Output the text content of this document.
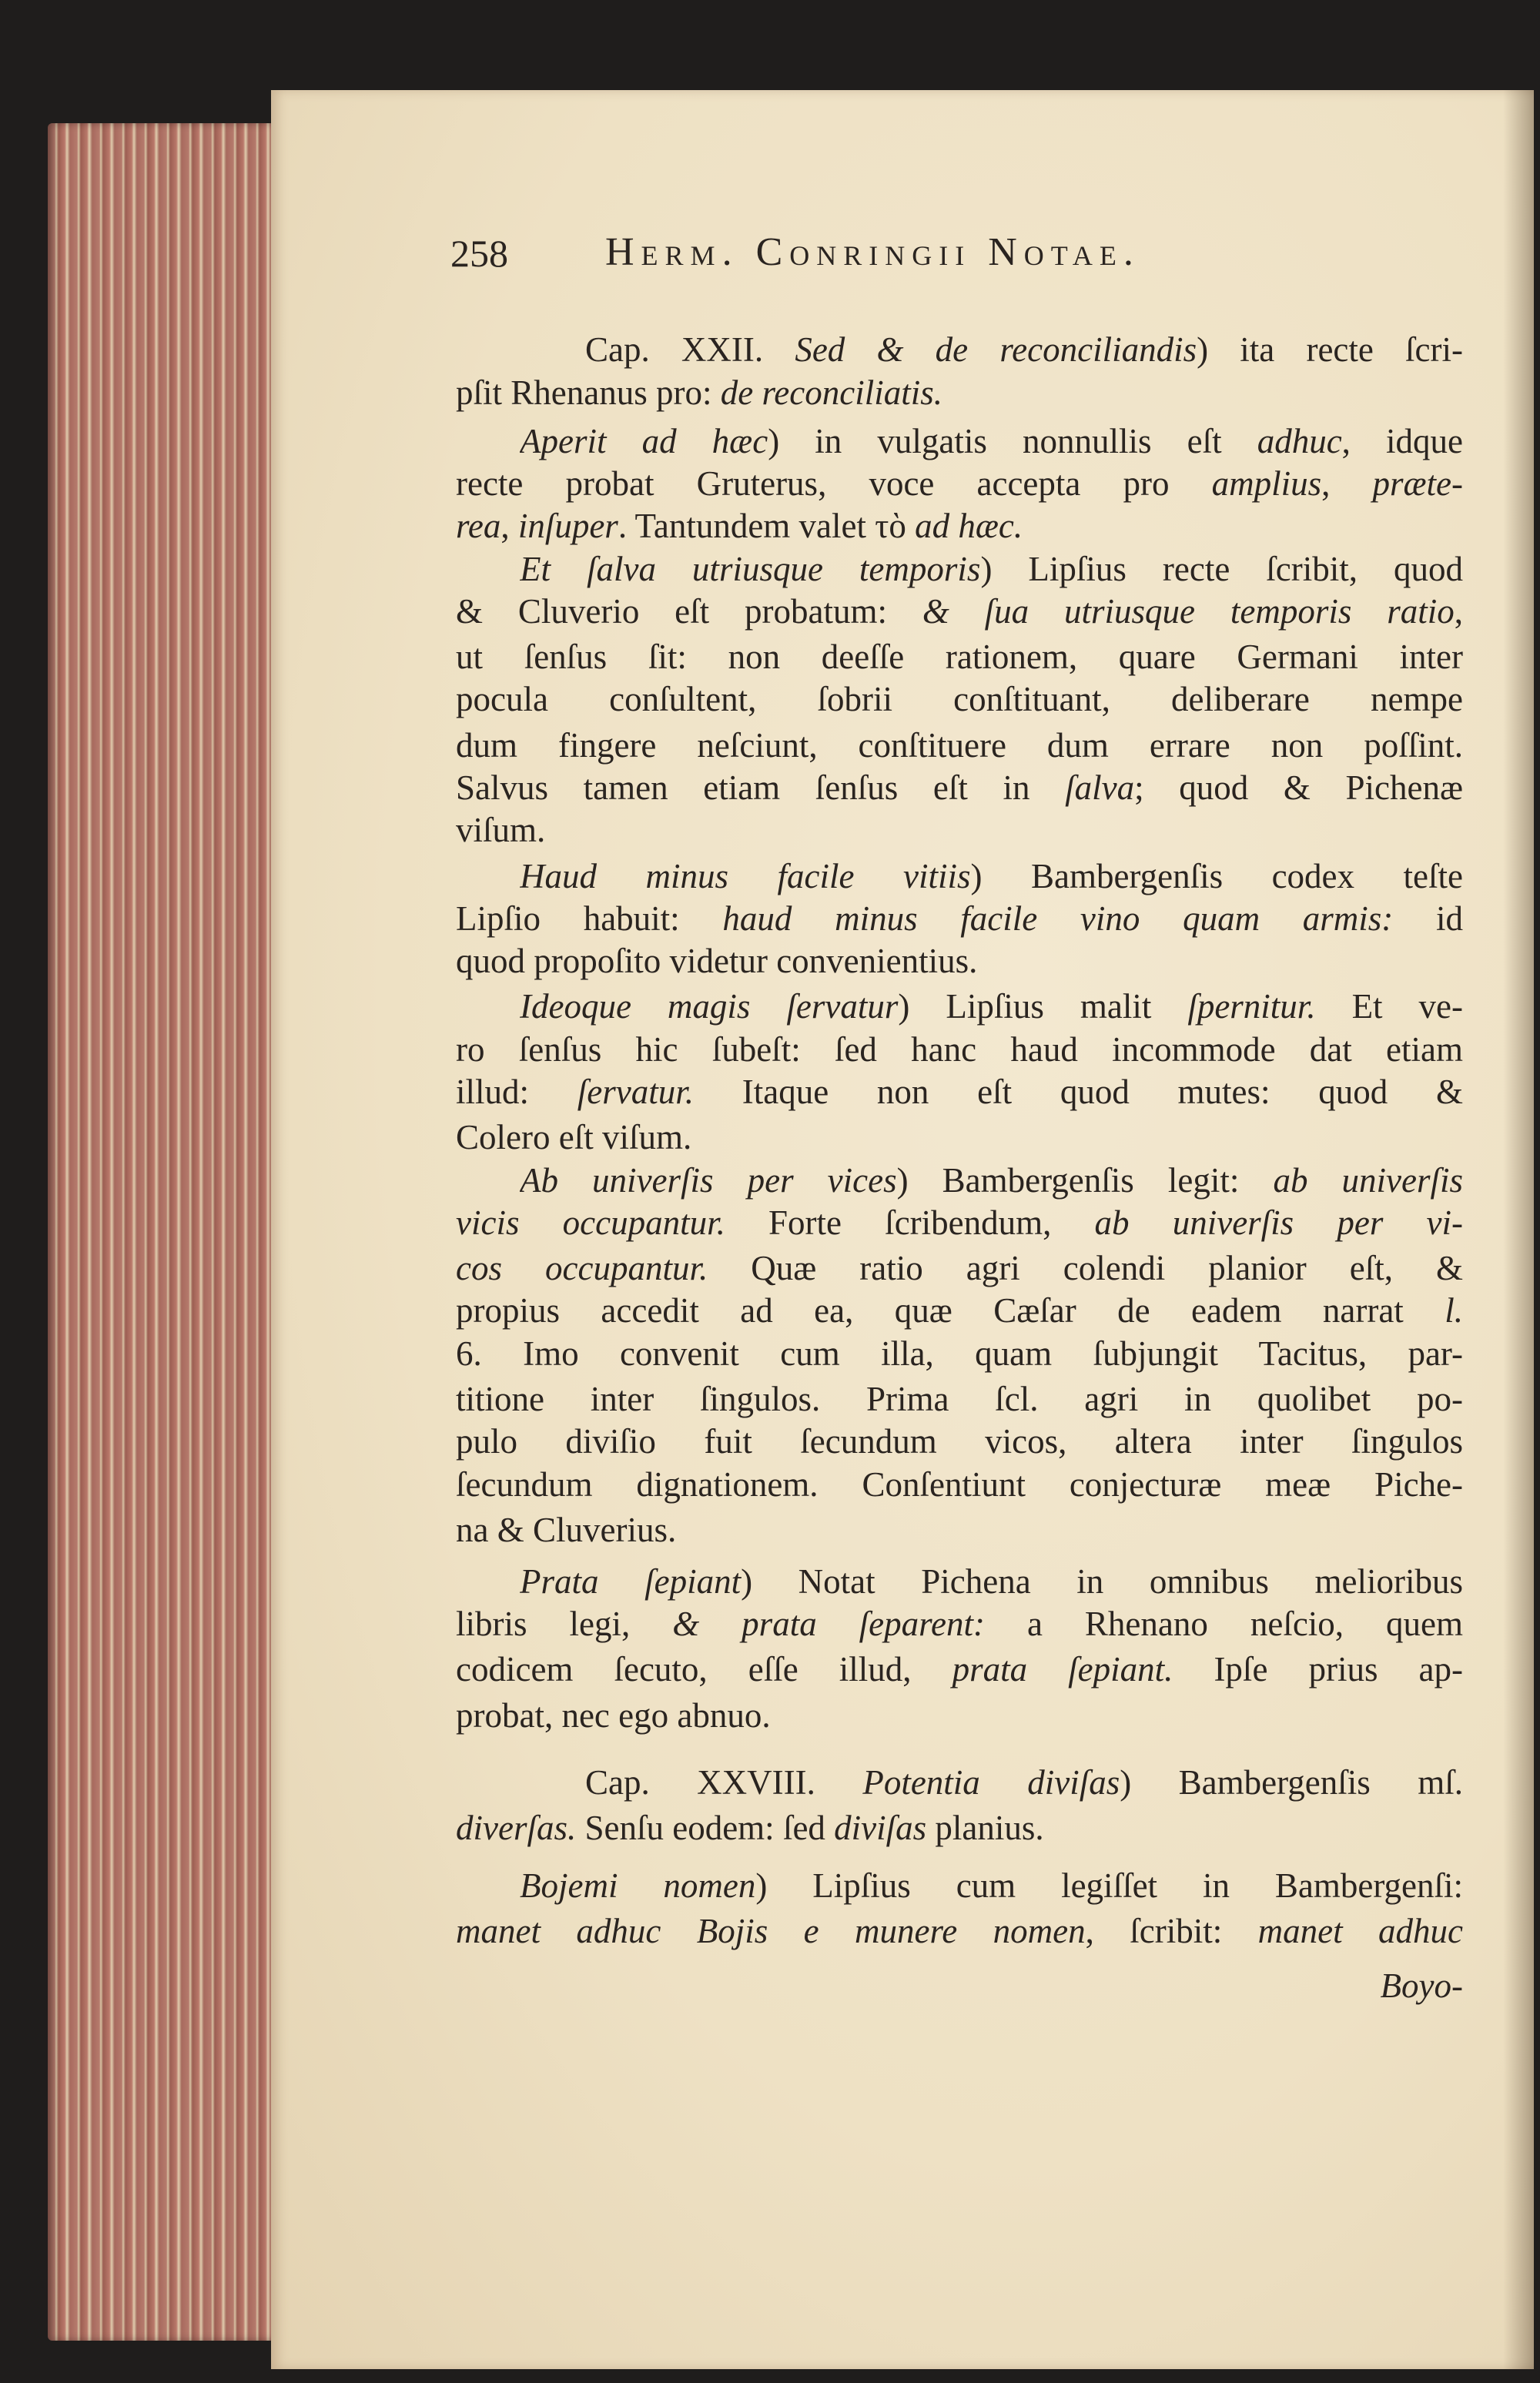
258 Herm. Conringii Notae.
Cap. XXII. Sed & de reconciliandis) ita recte ſcri-
pſit Rhenanus pro: de reconciliatis.
Aperit ad hæc) in vulgatis nonnullis eſt adhuc, idque
recte probat Gruterus, voce accepta pro amplius, præte-
rea, inſuper. Tantundem valet τὸ ad hæc.
Et ſalva utriusque temporis) Lipſius recte ſcribit, quod
& Cluverio eſt probatum: & ſua utriusque temporis ratio,
ut ſenſus ſit: non deeſſe rationem, quare Germani inter
pocula conſultent, ſobrii conſtituant, deliberare nempe
dum fingere neſciunt, conſtituere dum errare non poſſint.
Salvus tamen etiam ſenſus eſt in ſalva; quod & Pichenæ
viſum.
Haud minus facile vitiis) Bambergenſis codex teſte
Lipſio habuit: haud minus facile vino quam armis: id
quod propoſito videtur convenientius.
Ideoque magis ſervatur) Lipſius malit ſpernitur. Et ve-
ro ſenſus hic ſubeſt: ſed hanc haud incommode dat etiam
illud: ſervatur. Itaque non eſt quod mutes: quod &
Colero eſt viſum.
Ab univerſis per vices) Bambergenſis legit: ab univerſis
vicis occupantur. Forte ſcribendum, ab univerſis per vi-
cos occupantur. Quæ ratio agri colendi planior eſt, &
propius accedit ad ea, quæ Cæſar de eadem narrat l.
6. Imo convenit cum illa, quam ſubjungit Tacitus, par-
titione inter ſingulos. Prima ſcl. agri in quolibet po-
pulo diviſio fuit ſecundum vicos, altera inter ſingulos
ſecundum dignationem. Conſentiunt conjecturæ meæ Piche-
na & Cluverius.
Prata ſepiant) Notat Pichena in omnibus melioribus
libris legi, & prata ſeparent: a Rhenano neſcio, quem
codicem ſecuto, eſſe illud, prata ſepiant. Ipſe prius ap-
probat, nec ego abnuo.
Cap. XXVIII. Potentia diviſas) Bambergenſis mſ.
diverſas. Senſu eodem: ſed diviſas planius.
Bojemi nomen) Lipſius cum legiſſet in Bambergenſi:
manet adhuc Bojis e munere nomen, ſcribit: manet adhuc
Boyo-
